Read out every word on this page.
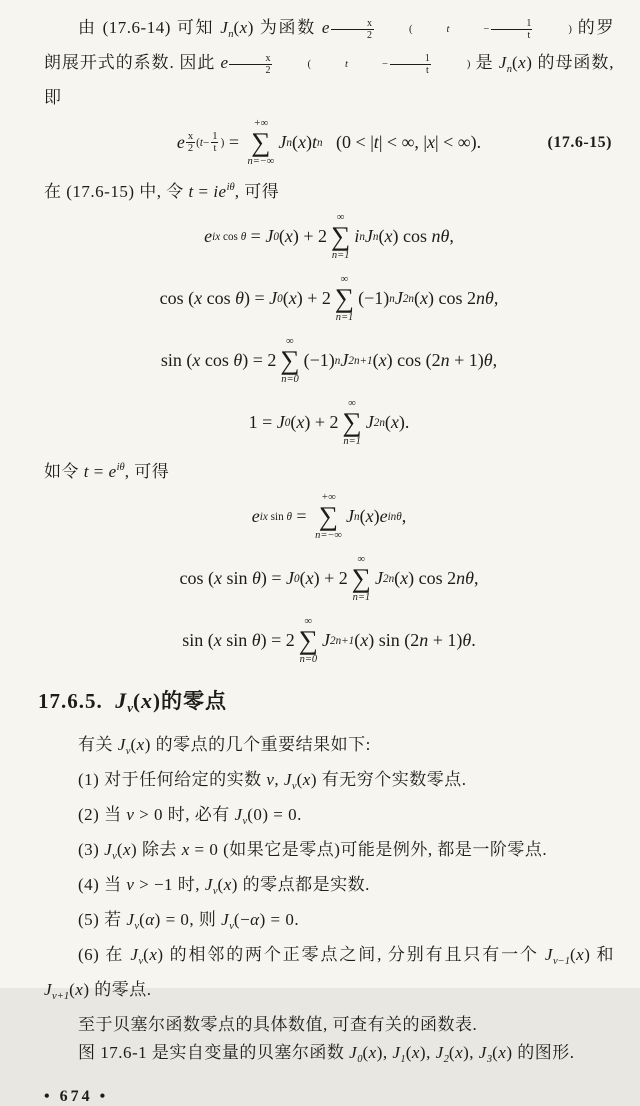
由 (17.6-14) 可知 $J_n(x)$ 为函数 e $\frac{x}{2}$	(	t	− $\frac{1}{t}$	) 的罗朗展开式的系数. 因此 e $\frac{x}{2}$	(	t	− $\frac{1}{t}$	) 是 $J_n(x)$ 的母函数, 即
e $\frac{x}{2}$ ( $t - \frac{1}{t}$ ) =
+∞
∑
n=−∞
J n ( x ) t n (0 < | t | < ∞, | x | < ∞).	(17.6-15)
在 (17.6-15) 中, 令 t = ie iθ , 可得
e ix cos θ = J 0 ( x ) + 2
∞
∑
n=1
i n J n ( x ) cos nθ ,
cos ( x cos θ ) = J 0 ( x ) + 2
∞
∑
n=1
(−1) n J 2n ( x ) cos 2 nθ ,
sin ( x cos θ ) = 2
∞
∑
n=0
(−1) n J 2n+1 ( x ) cos (2 n + 1) θ ,
1 = J 0 ( x ) + 2
∞
∑
n=1
J 2n ( x ).
如令 t = e iθ , 可得
e ix sin θ =
+∞
∑
n=−∞
J n ( x ) e inθ ,
cos ( x sin θ ) = J 0 ( x ) + 2
∞
∑
n=1
J 2n ( x ) cos 2 nθ ,
sin ( x sin θ ) = 2
∞
∑
n=0
J 2n+1 ( x ) sin (2 n + 1) θ .
17.6.5.  Jν(x)的零点
有关 $J_\nu(x)$ 的零点的几个重要结果如下:
(1) 对于任何给定的实数 ν, $J_\nu(x)$ 有无穷个实数零点.
(2) 当 ν > 0 时, 必有 $J_\nu(0) = 0$.
(3) $J_\nu(x)$ 除去 x = 0 (如果它是零点)可能是例外, 都是一阶零点.
(4) 当 ν > −1 时, $J_\nu(x)$ 的零点都是实数.
(5) 若 $J_\nu(\alpha) = 0$, 则 $J_\nu(-\alpha) = 0$.
(6) 在 $J_\nu(x)$ 的相邻的两个正零点之间, 分别有且只有一个 $J_{\nu-1}(x)$ 和 $J_{\nu+1}(x)$ 的零点.
至于贝塞尔函数零点的具体数值, 可查有关的函数表.
图 17.6-1 是实自变量的贝塞尔函数 $J_0(x)$, $J_1(x)$, $J_2(x)$, $J_3(x)$ 的图形.
• 674 •
